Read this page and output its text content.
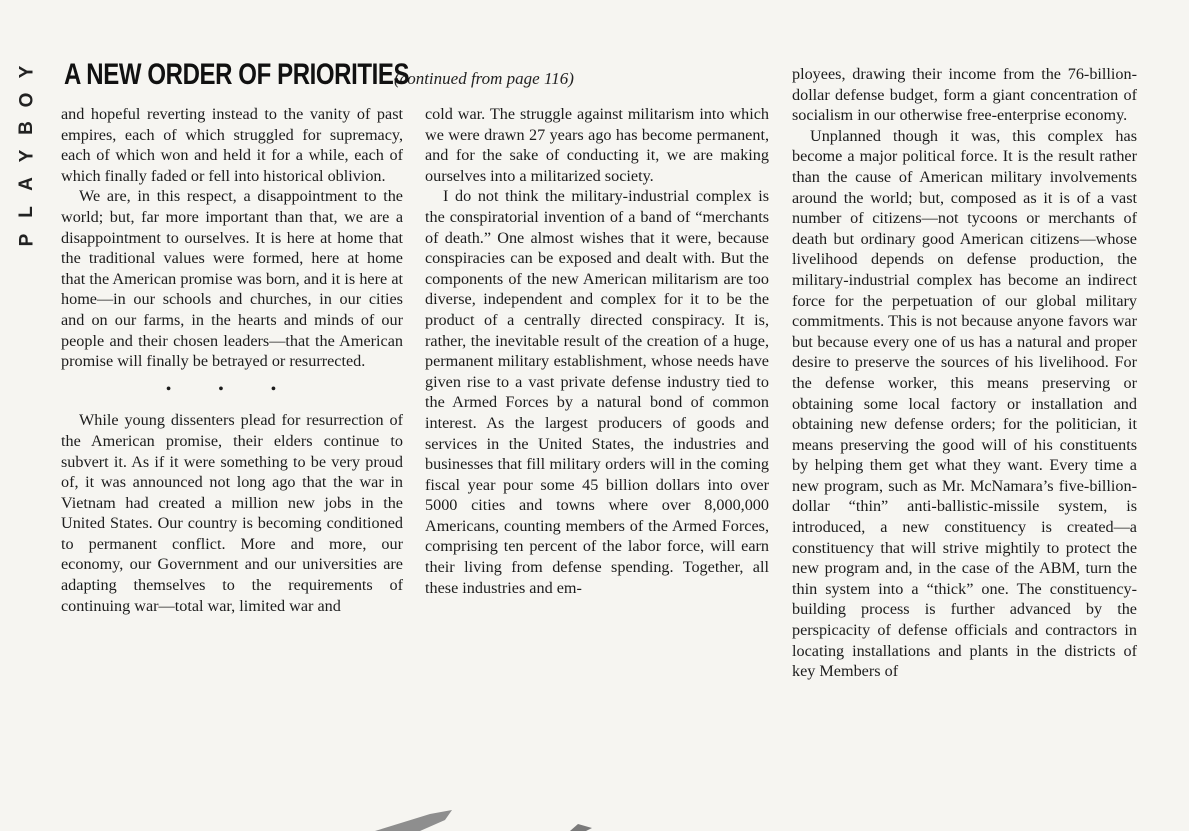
Y
O
B
Y
A
L
P
A NEW ORDER OF PRIORITIES
(continued from page 116)

and hopeful reverting instead to the vanity of past empires, each of which struggled for supremacy, each of which won and held it for a while, each of which finally faded or fell into historical oblivion.

We are, in this respect, a disappointment to the world; but, far more important than that, we are a disappointment to ourselves. It is here at home that the traditional values were formed, here at home that the American promise was born, and it is here at home—in our schools and churches, in our cities and on our farms, in the hearts and minds of our people and their chosen leaders—that the American promise will finally be betrayed or resurrected.

• • •

While young dissenters plead for resurrection of the American promise, their elders continue to subvert it. As if it were something to be very proud of, it was announced not long ago that the war in Vietnam had created a million new jobs in the United States. Our country is becoming conditioned to permanent conflict. More and more, our economy, our Government and our universities are adapting themselves to the requirements of continuing war—total war, limited war and

cold war. The struggle against militarism into which we were drawn 27 years ago has become permanent, and for the sake of conducting it, we are making ourselves into a militarized society.

I do not think the military-industrial complex is the conspiratorial invention of a band of “merchants of death.” One almost wishes that it were, because conspiracies can be exposed and dealt with. But the components of the new American militarism are too diverse, independent and complex for it to be the product of a centrally directed conspiracy. It is, rather, the inevitable result of the creation of a huge, permanent military establishment, whose needs have given rise to a vast private defense industry tied to the Armed Forces by a natural bond of common interest. As the largest producers of goods and services in the United States, the industries and businesses that fill military orders will in the coming fiscal year pour some 45 billion dollars into over 5000 cities and towns where over 8,000,000 Americans, counting members of the Armed Forces, comprising ten percent of the labor force, will earn their living from defense spending. Together, all these industries and em-

ployees, drawing their income from the 76-billion-dollar defense budget, form a giant concentration of socialism in our otherwise free-enterprise economy.

Unplanned though it was, this complex has become a major political force. It is the result rather than the cause of American military involvements around the world; but, composed as it is of a vast number of citizens—not tycoons or merchants of death but ordinary good American citizens—whose livelihood depends on defense production, the military-industrial complex has become an indirect force for the perpetuation of our global military commitments. This is not because anyone favors war but because every one of us has a natural and proper desire to preserve the sources of his livelihood. For the defense worker, this means preserving or obtaining some local factory or installation and obtaining new defense orders; for the politician, it means preserving the good will of his constituents by helping them get what they want. Every time a new program, such as Mr. McNamara’s five-billion-dollar “thin” anti-ballistic-missile system, is introduced, a new constituency is created—a constituency that will strive mightily to protect the new program and, in the case of the ABM, turn the thin system into a “thick” one. The constituency-building process is further advanced by the perspicacity of defense officials and contractors in locating installations and plants in the districts of key Members of
